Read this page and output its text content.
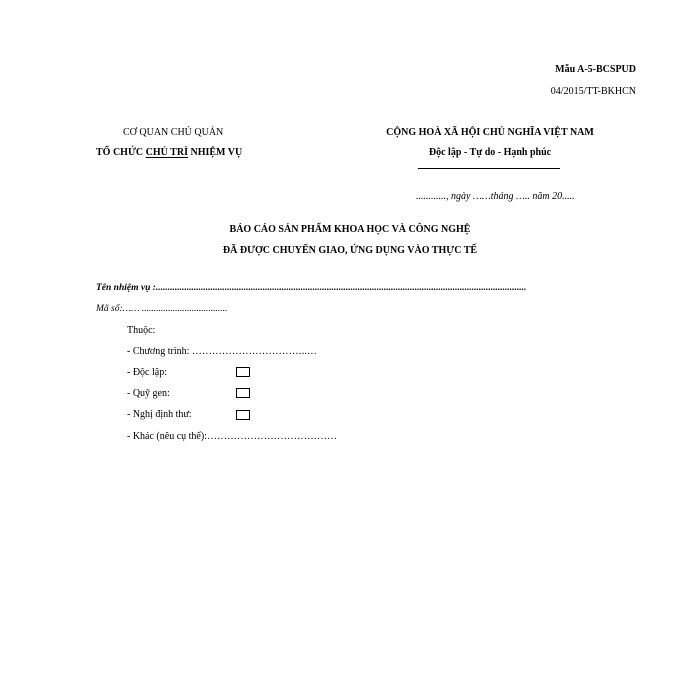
Mẫu A-5-BCSPUD
04/2015/TT-BKHCN
CƠ QUAN CHỦ QUẢN
TỔ CHỨC CHỦ TRÌ NHIỆM VỤ
CỘNG HOÀ XÃ HỘI CHỦ NGHĨA VIỆT NAM
Độc lập - Tự do - Hạnh phúc
............, ngày ……tháng ….. năm 20.....
BÁO CÁO SẢN PHẨM KHOA HỌC VÀ CÔNG NGHỆ
ĐÃ ĐƯỢC CHUYỂN GIAO, ỨNG DỤNG VÀO THỰC TẾ
Tên nhiệm vụ :............................................................................................................................................................
Mã số:…… ....................................
Thuộc:
- Chương trình: ……………………………..…
- Độc lập:
- Quỹ gen:
- Nghị định thư:
- Khác (nêu cụ thể):…………………………………
